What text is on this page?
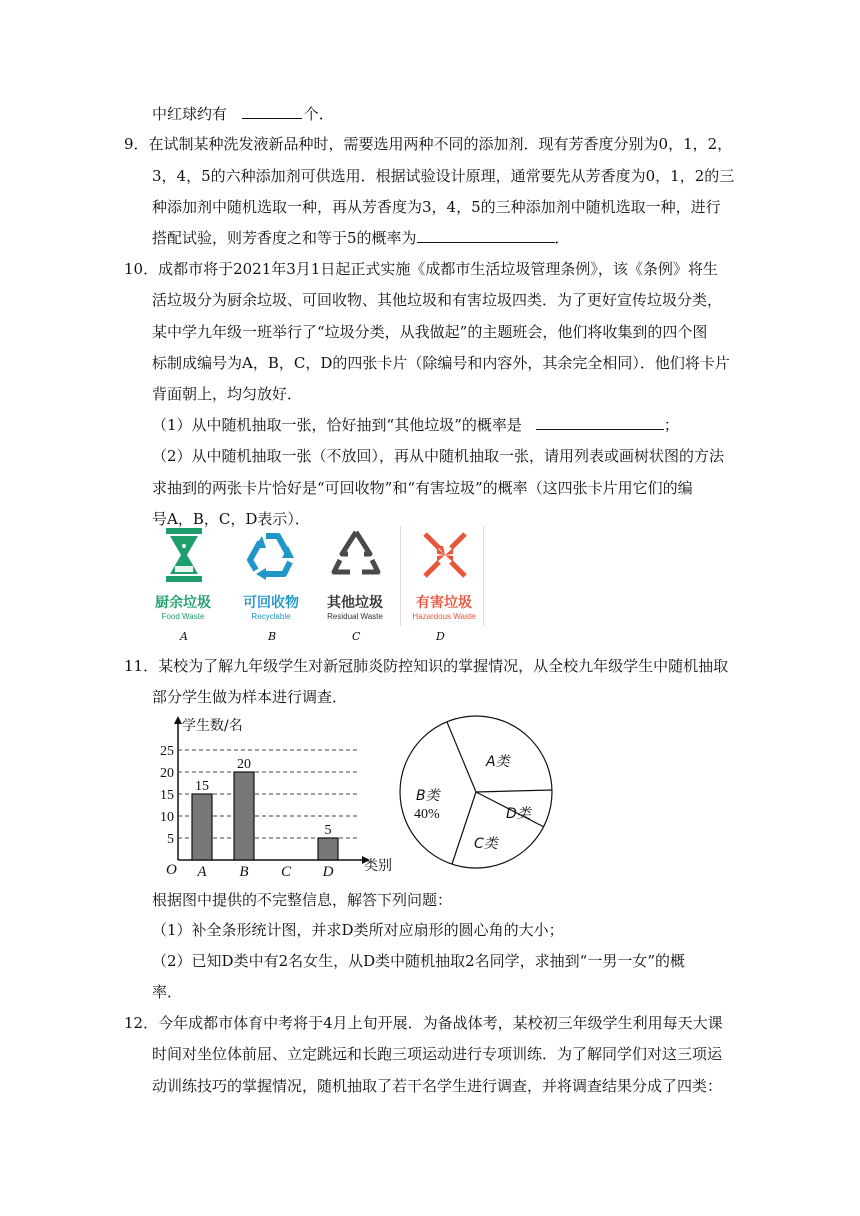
中红球约有	个．
9．在试制某种洗发液新品种时，需要选用两种不同的添加剂．现有芳香度分别为0，1，2，
3，4，5的六种添加剂可供选用．根据试验设计原理，通常要先从芳香度为0，1，2的三
种添加剂中随机选取一种，再从芳香度为3，4，5的三种添加剂中随机选取一种，进行
搭配试验，则芳香度之和等于5的概率为	．
10．成都市将于2021年3月1日起正式实施《成都市生活垃圾管理条例》，该《条例》将生
活垃圾分为厨余垃圾、可回收物、其他垃圾和有害垃圾四类．为了更好宣传垃圾分类，
某中学九年级一班举行了“垃圾分类，从我做起”的主题班会，他们将收集到的四个图
标制成编号为A，B，C，D的四张卡片（除编号和内容外，其余完全相同）．他们将卡片
背面朝上，均匀放好．
（1）从中随机抽取一张，恰好抽到“其他垃圾”的概率是	；
（2）从中随机抽取一张（不放回），再从中随机抽取一张，请用列表或画树状图的方法
求抽到的两张卡片恰好是“可回收物”和“有害垃圾”的概率（这四张卡片用它们的编
号A，B，C，D表示）．
厨余垃圾
Food Waste
可回收物
Recyclable
其他垃圾
Residual Waste
有害垃圾
Hazardous Waste
A	B	C	D
11．某校为了解九年级学生对新冠肺炎防控知识的掌握情况，从全校九年级学生中随机抽取
部分学生做为样本进行调查．
学生数/名
类别
O
5
10
15
20
25
A B C D
15
20
5
A类
B类
40%
C类
D类
根据图中提供的不完整信息，解答下列问题：
（1）补全条形统计图，并求D类所对应扇形的圆心角的大小；
（2）已知D类中有2名女生，从D类中随机抽取2名同学，求抽到“一男一女”的概
率．
12．今年成都市体育中考将于4月上旬开展．为备战体考，某校初三年级学生利用每天大课
时间对坐位体前屈、立定跳远和长跑三项运动进行专项训练．为了解同学们对这三项运
动训练技巧的掌握情况，随机抽取了若干名学生进行调查，并将调查结果分成了四类：
